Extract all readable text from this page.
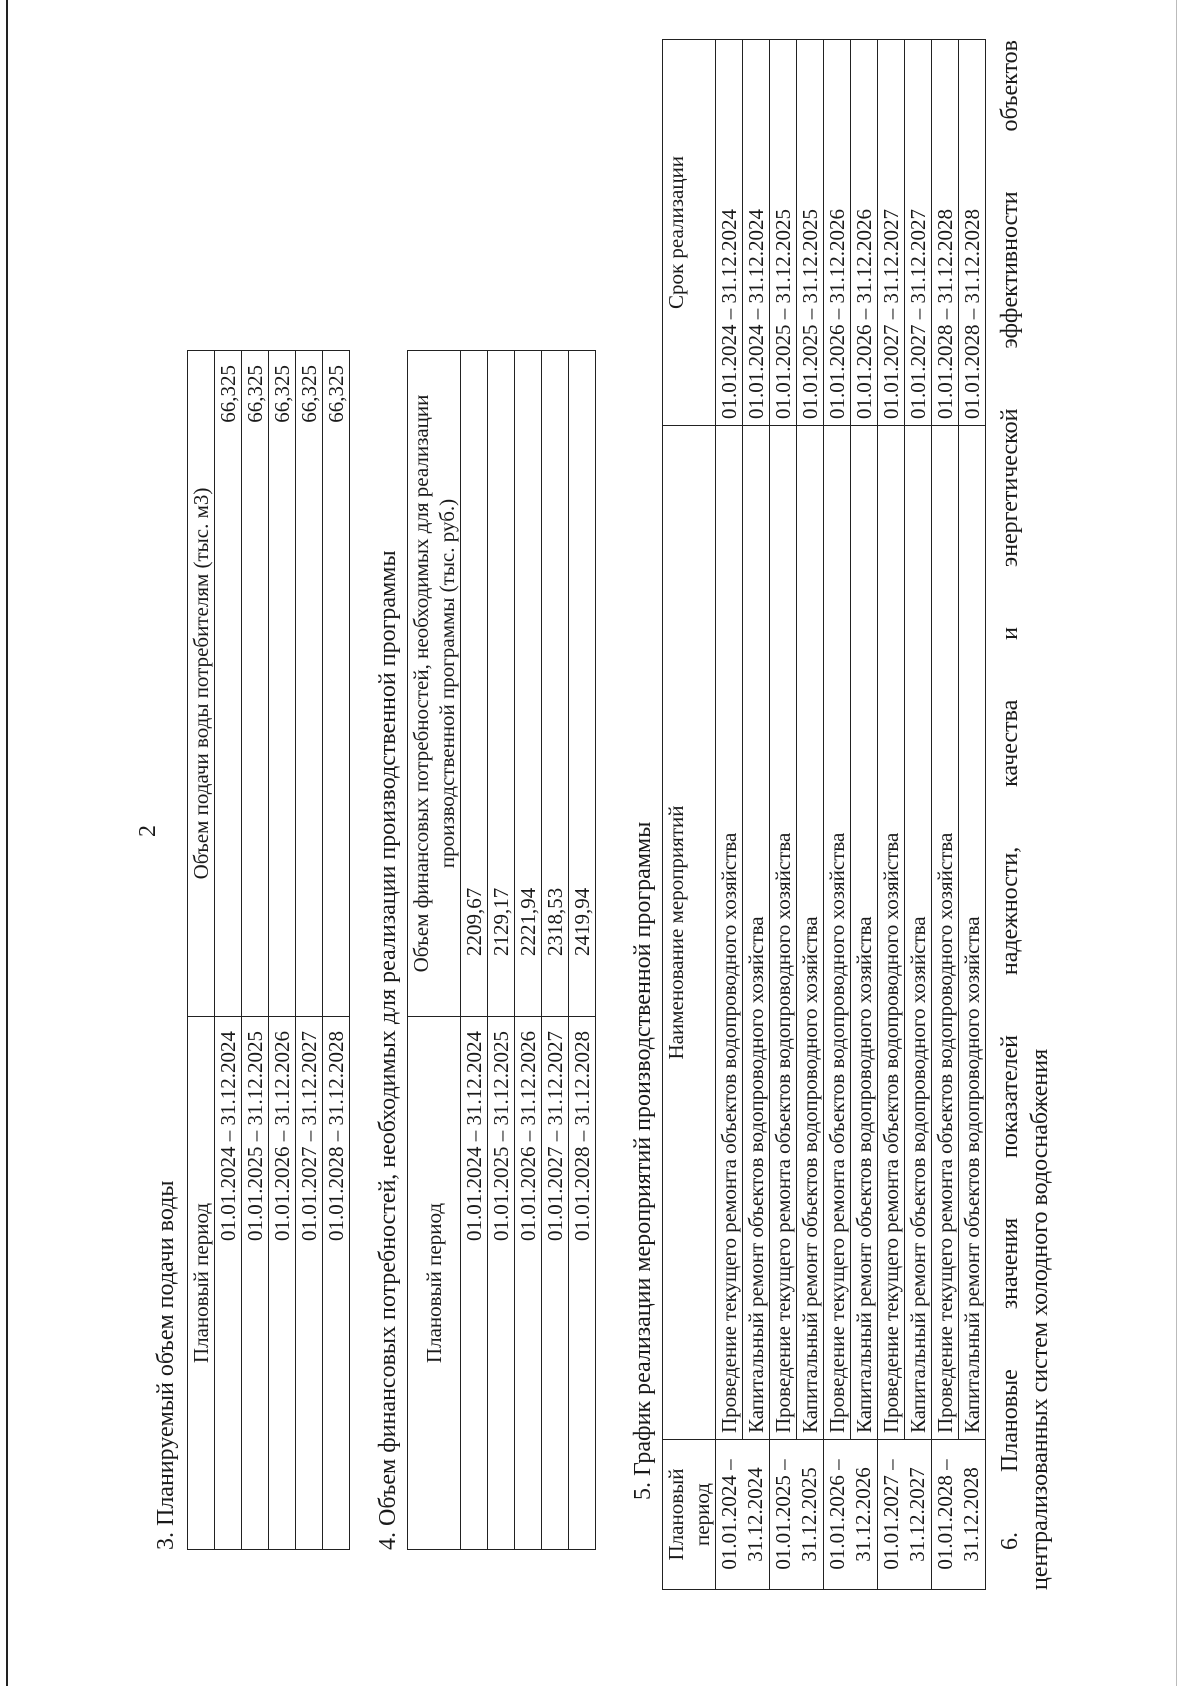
2
3. Планируемый объем подачи воды Плановый период	Объем подачи воды потребителям (тыс. м3)
01.01.2024 – 31.12.2024	66,325
01.01.2025 – 31.12.2025	66,325
01.01.2026 – 31.12.2026	66,325
01.01.2027 – 31.12.2027	66,325
01.01.2028 – 31.12.2028	66,325
4. Объем финансовых потребностей, необходимых для реализации производственной программы Плановый период	Объем финансовых потребностей, необходимых для реализации производственной программы (тыс. руб.)
01.01.2024 – 31.12.2024	2209,67
01.01.2025 – 31.12.2025	2129,17
01.01.2026 – 31.12.2026	2221,94
01.01.2027 – 31.12.2027	2318,53
01.01.2028 – 31.12.2028	2419,94 5. График реализации мероприятий производственной программы
Плановый период	Наименование мероприятий	Срок реализации
01.01.2024 –
31.12.2024	Проведение текущего ремонта объектов водопроводного хозяйства	01.01.2024 – 31.12.2024
	Капитальный ремонт объектов водопроводного хозяйства	01.01.2024 – 31.12.2024
01.01.2025 –
31.12.2025	Проведение текущего ремонта объектов водопроводного хозяйства	01.01.2025 – 31.12.2025
	Капитальный ремонт объектов водопроводного хозяйства	01.01.2025 – 31.12.2025
01.01.2026 –
31.12.2026	Проведение текущего ремонта объектов водопроводного хозяйства	01.01.2026 – 31.12.2026
	Капитальный ремонт объектов водопроводного хозяйства	01.01.2026 – 31.12.2026
01.01.2027 –
31.12.2027	Проведение текущего ремонта объектов водопроводного хозяйства	01.01.2027 – 31.12.2027
	Капитальный ремонт объектов водопроводного хозяйства	01.01.2027 – 31.12.2027
01.01.2028 –
31.12.2028	Проведение текущего ремонта объектов водопроводного хозяйства	01.01.2028 – 31.12.2028
	Капитальный ремонт объектов водопроводного хозяйства	01.01.2028 – 31.12.2028
6.
Плановые
значения
показателей
надежности,
качества
и
энергетической
эффективности
объектов
централизованных систем холодного водоснабжения
